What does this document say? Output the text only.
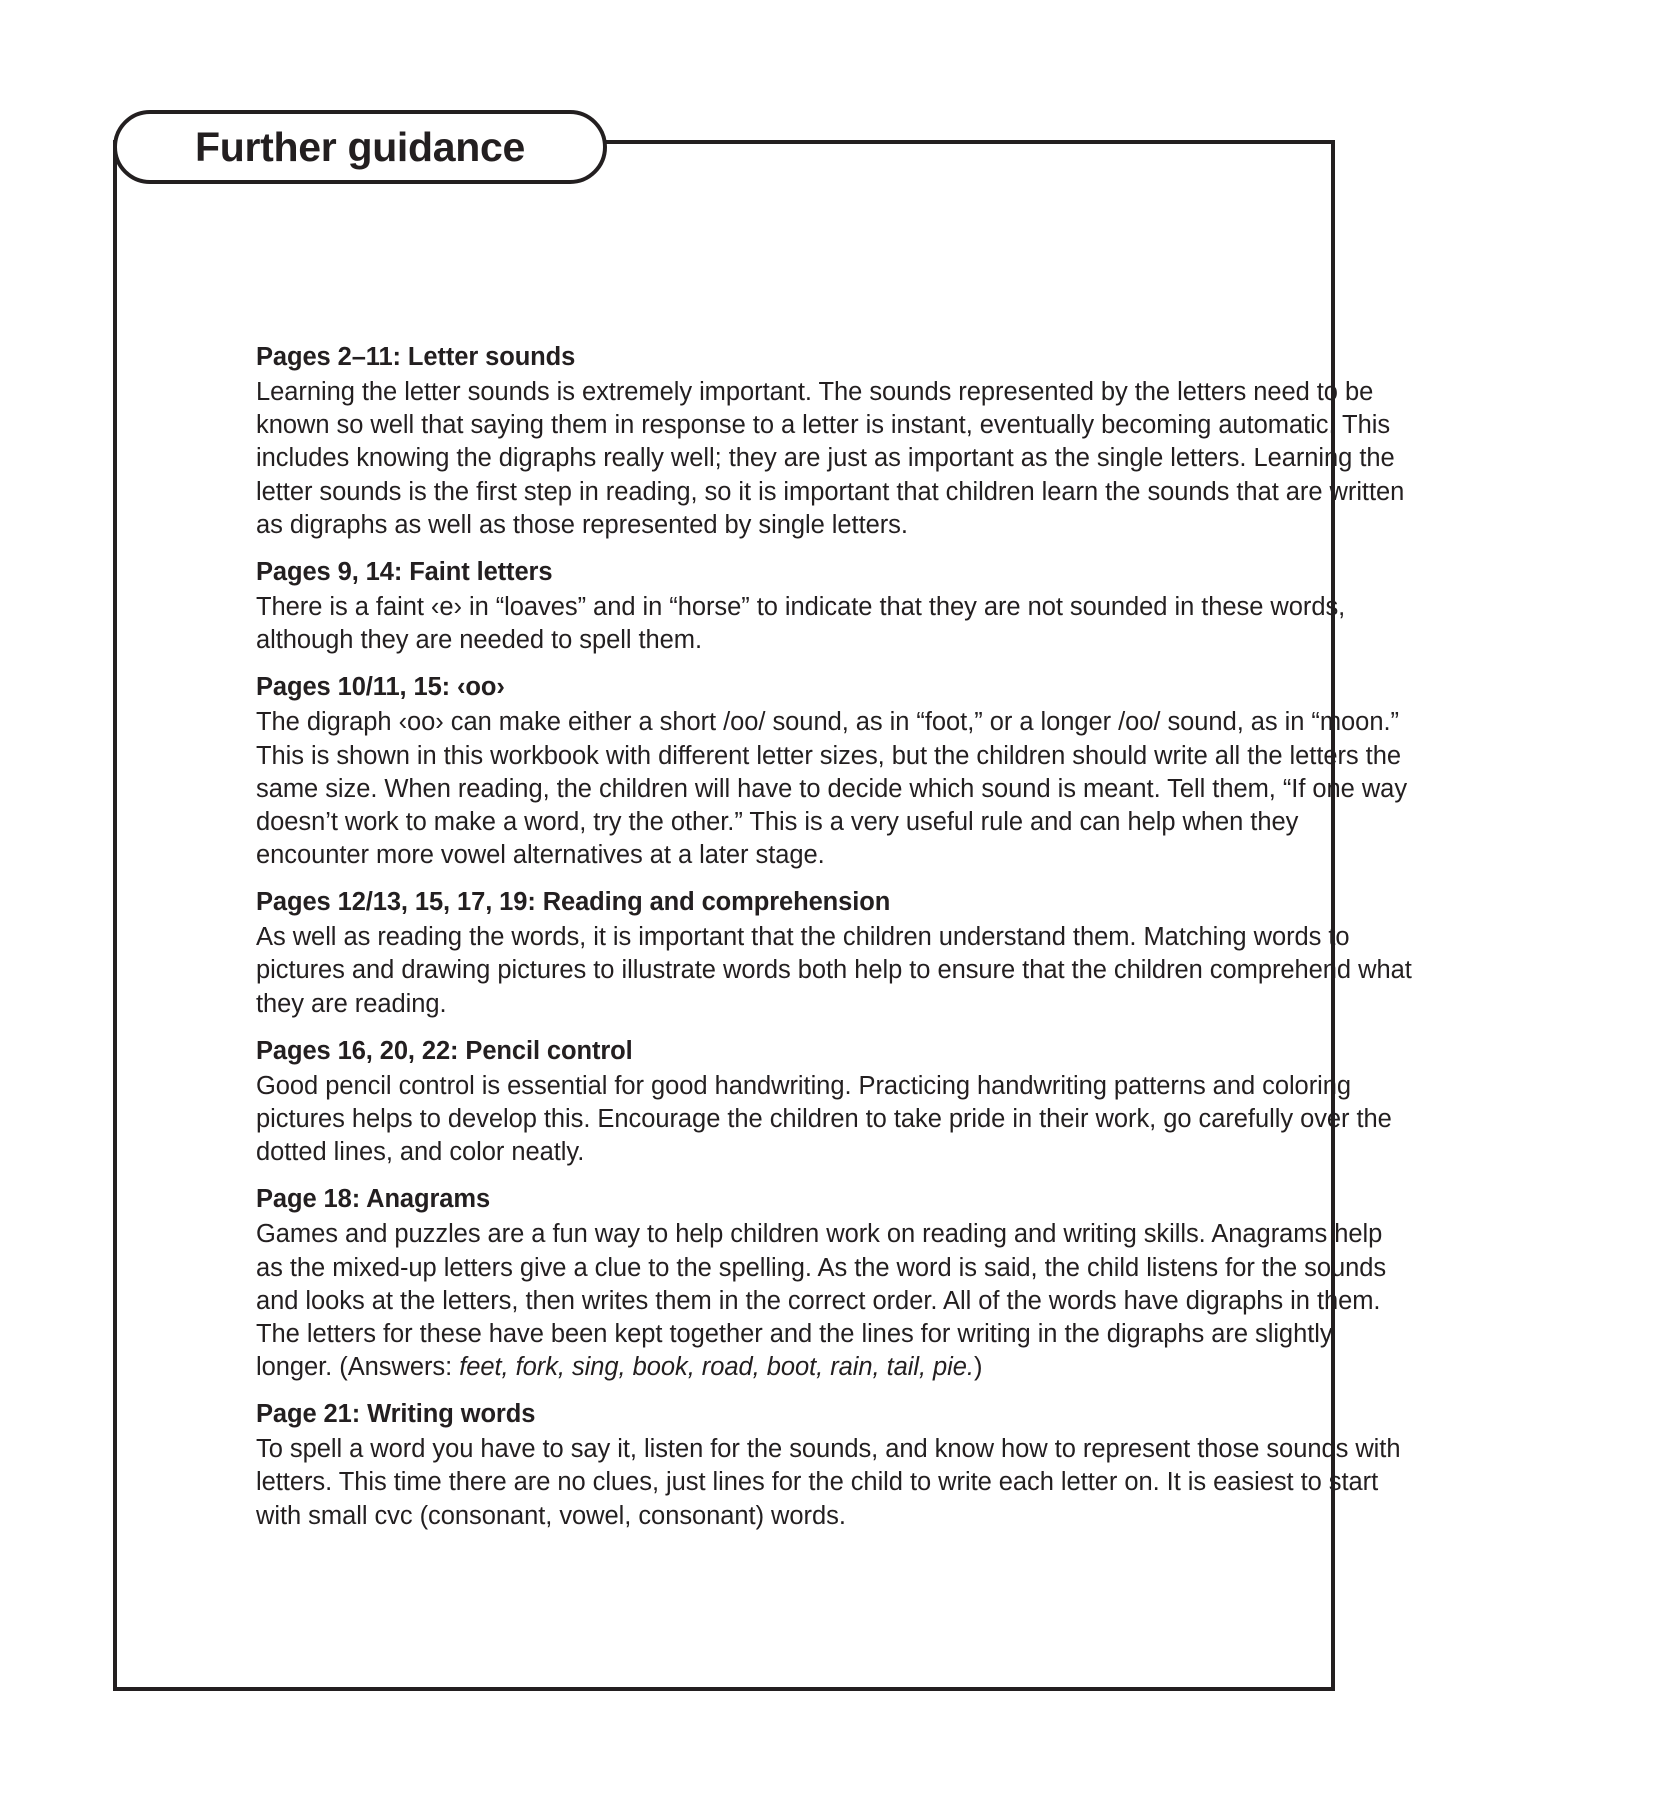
Pages 2–11: Letter sounds
Learning the letter sounds is extremely important. The sounds represented by the letters need to be known so well that saying them in response to a letter is instant, eventually becoming automatic. This includes knowing the digraphs really well; they are just as important as the single letters. Learning the letter sounds is the first step in reading, so it is important that children learn the sounds that are written as digraphs as well as those represented by single letters.
Pages 9, 14: Faint letters
There is a faint ‹e› in “loaves” and in “horse” to indicate that they are not sounded in these words, although they are needed to spell them.
Pages 10/11, 15: ‹oo›
The digraph ‹oo› can make either a short /oo/ sound, as in “foot,” or a longer /oo/ sound, as in “moon.” This is shown in this workbook with different letter sizes, but the children should write all the letters the same size. When reading, the children will have to decide which sound is meant. Tell them, “If one way doesn’t work to make a word, try the other.” This is a very useful rule and can help when they encounter more vowel alternatives at a later stage.
Pages 12/13, 15, 17, 19: Reading and comprehension
As well as reading the words, it is important that the children understand them. Matching words to pictures and drawing pictures to illustrate words both help to ensure that the children comprehend what they are reading.
Pages 16, 20, 22: Pencil control
Good pencil control is essential for good handwriting. Practicing handwriting patterns and coloring pictures helps to develop this. Encourage the children to take pride in their work, go carefully over the dotted lines, and color neatly.
Page 18: Anagrams
Games and puzzles are a fun way to help children work on reading and writing skills. Anagrams help as the mixed-up letters give a clue to the spelling. As the word is said, the child listens for the sounds and looks at the letters, then writes them in the correct order. All of the words have digraphs in them. The letters for these have been kept together and the lines for writing in the digraphs are slightly longer. (Answers: feet, fork, sing, book, road, boot, rain, tail, pie.)
Page 21: Writing words
To spell a word you have to say it, listen for the sounds, and know how to represent those sounds with letters. This time there are no clues, just lines for the child to write each letter on. It is easiest to start with small cvc (consonant, vowel, consonant) words.
Further guidance
